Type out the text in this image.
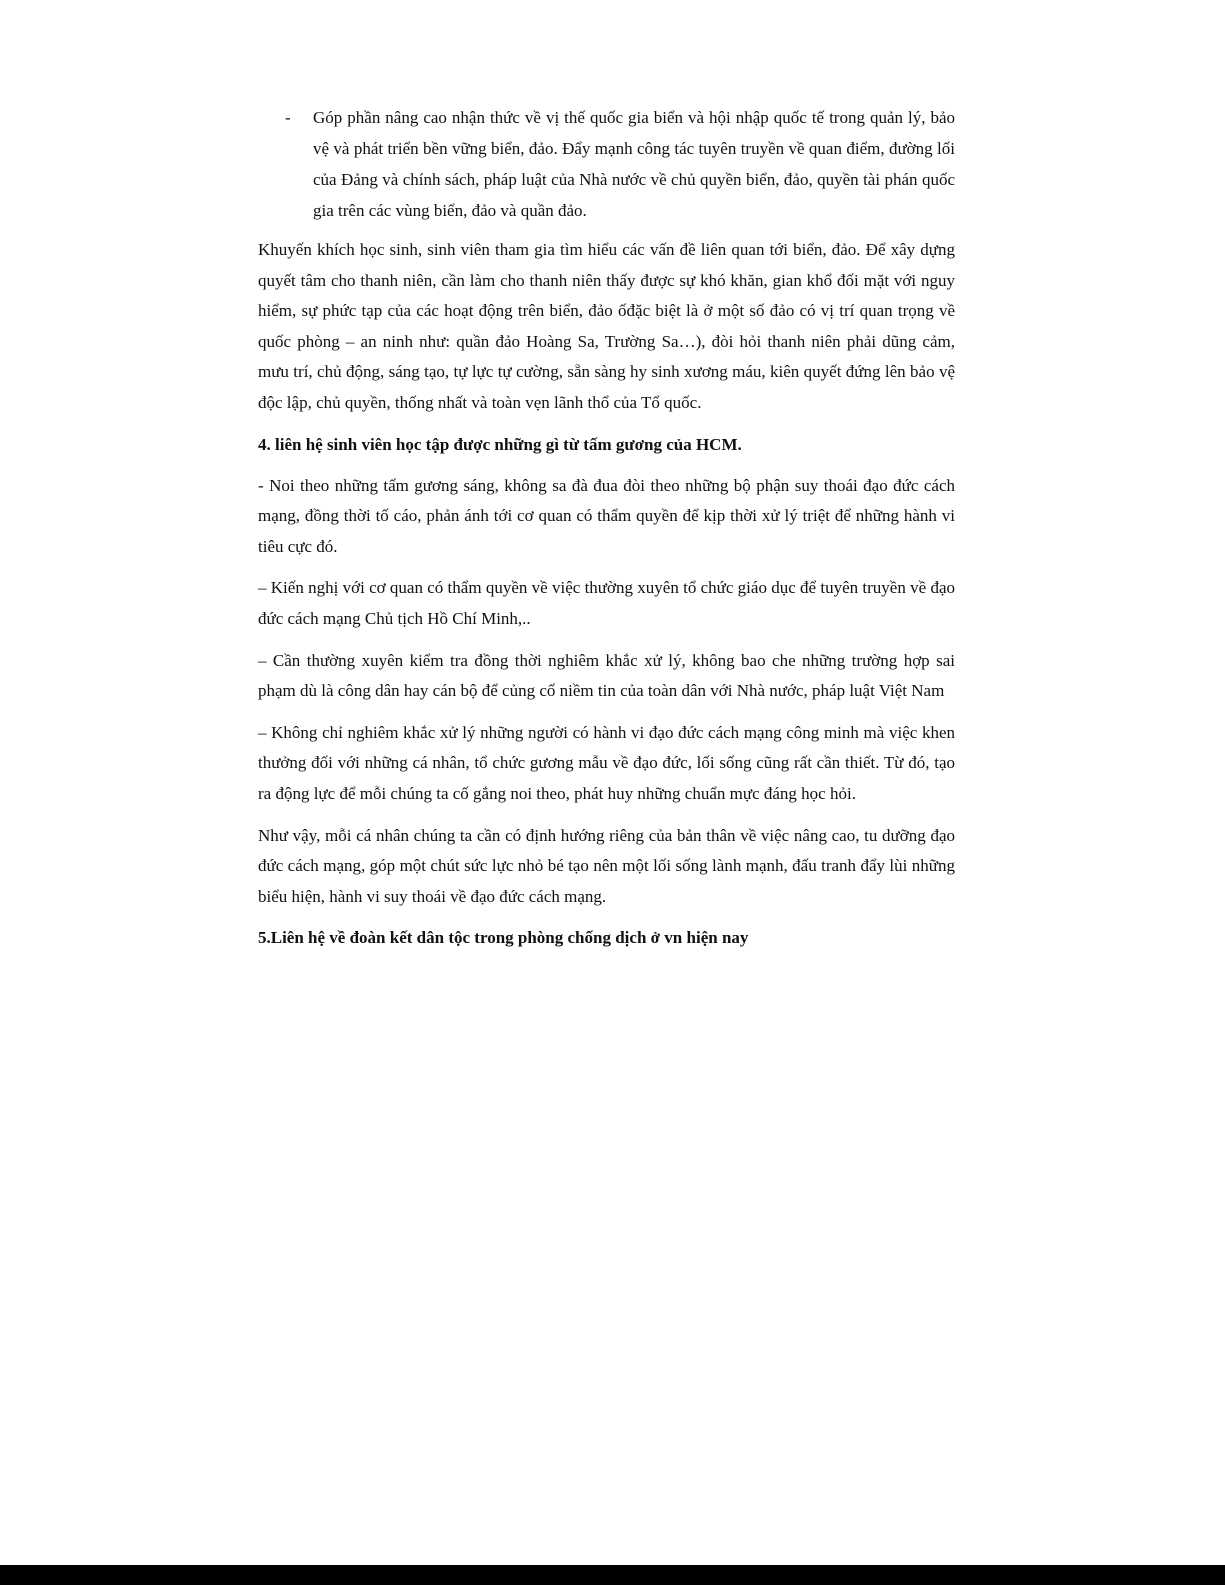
- Góp phần nâng cao nhận thức về vị thế quốc gia biển và hội nhập quốc tế trong quản lý, bảo vệ và phát triển bền vững biển, đảo. Đẩy mạnh công tác tuyên truyền về quan điểm, đường lối của Đảng và chính sách, pháp luật của Nhà nước về chủ quyền biển, đảo, quyền tài phán quốc gia trên các vùng biển, đảo và quần đảo.

Khuyến khích học sinh, sinh viên tham gia tìm hiểu các vấn đề liên quan tới biển, đảo. Để xây dựng quyết tâm cho thanh niên, cần làm cho thanh niên thấy được sự khó khăn, gian khổ đối mặt với nguy hiểm, sự phức tạp của các hoạt động trên biển, đảo ốđặc biệt là ở một số đảo có vị trí quan trọng về quốc phòng – an ninh như: quần đảo Hoàng Sa, Trường Sa…), đòi hỏi thanh niên phải dũng cảm, mưu trí, chủ động, sáng tạo, tự lực tự cường, sẵn sàng hy sinh xương máu, kiên quyết đứng lên bảo vệ độc lập, chủ quyền, thống nhất và toàn vẹn lãnh thổ của Tổ quốc.

4. liên hệ sinh viên học tập được những gì từ tấm gương của HCM.

- Noi theo những tấm gương sáng, không sa đà đua đòi theo những bộ phận suy thoái đạo đức cách mạng, đồng thời tố cáo, phản ánh tới cơ quan có thẩm quyền để kịp thời xử lý triệt để những hành vi tiêu cực đó.

– Kiến nghị với cơ quan có thẩm quyền về việc thường xuyên tổ chức giáo dục để tuyên truyền về đạo đức cách mạng Chủ tịch Hồ Chí Minh,..

– Cần thường xuyên kiểm tra đồng thời nghiêm khắc xử lý, không bao che những trường hợp sai phạm dù là công dân hay cán bộ để củng cố niềm tin của toàn dân với Nhà nước, pháp luật Việt Nam

– Không chỉ nghiêm khắc xử lý những người có hành vi đạo đức cách mạng công minh mà việc khen thưởng đối với những cá nhân, tổ chức gương mẫu về đạo đức, lối sống cũng rất cần thiết. Từ đó, tạo ra động lực để mỗi chúng ta cố gắng noi theo, phát huy những chuẩn mực đáng học hỏi.

Như vậy, mỗi cá nhân chúng ta cần có định hướng riêng của bản thân về việc nâng cao, tu dưỡng đạo đức cách mạng, góp một chút sức lực nhỏ bé tạo nên một lối sống lành mạnh, đấu tranh đẩy lùi những biểu hiện, hành vi suy thoái về đạo đức cách mạng.

5.Liên hệ về đoàn kết dân tộc trong phòng chống dịch ở vn hiện nay
